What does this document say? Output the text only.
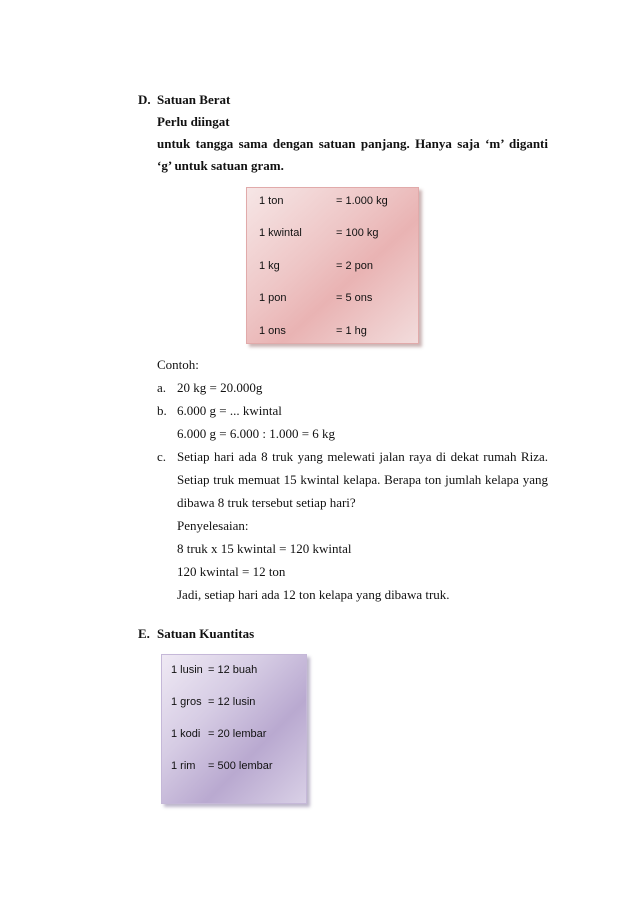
D. Satuan Berat
Perlu diingat
untuk tangga sama dengan satuan panjang. Hanya saja ‘m’ diganti
‘g’ untuk satuan gram.
1 ton	= 1.000 kg
1 kwintal	= 100 kg
1 kg	= 2 pon
1 pon	= 5 ons
1 ons	= 1 hg
Contoh:
a. 20 kg = 20.000g
b. 6.000 g = ... kwintal
6.000 g = 6.000 : 1.000 = 6 kg
c. Setiap hari ada 8 truk yang melewati jalan raya di dekat rumah Riza.
Setiap truk memuat 15 kwintal kelapa. Berapa ton jumlah kelapa yang
dibawa 8 truk tersebut setiap hari?
Penyelesaian:
8 truk x 15 kwintal = 120 kwintal
120 kwintal = 12 ton
Jadi, setiap hari ada 12 ton kelapa yang dibawa truk.
E. Satuan Kuantitas
1 lusin = 12 buah
1 gros = 12 lusin
1 kodi = 20 lembar
1 rim = 500 lembar
